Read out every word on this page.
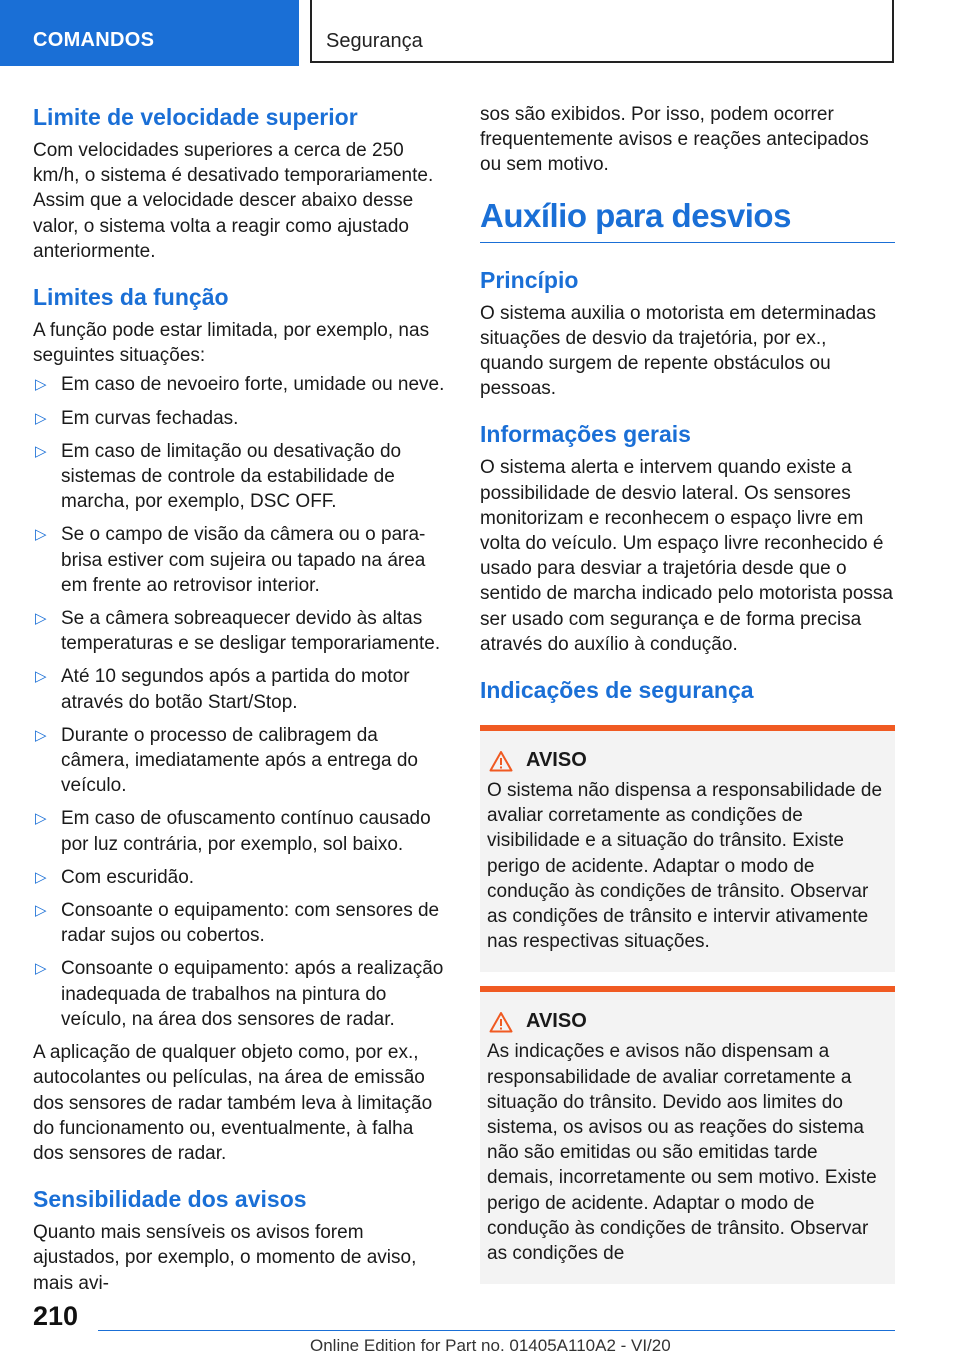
COMANDOS	Segurança
Limite de velocidade superior

Com velocidades superiores a cerca de 250 km/h, o sistema é desativado temporariamente. Assim que a velocidade descer abaixo desse valor, o sistema volta a reagir como ajustado anteriormente.

Limites da função

A função pode estar limitada, por exemplo, nas seguintes situações:

▷ Em caso de nevoeiro forte, umidade ou neve.
▷ Em curvas fechadas.
▷ Em caso de limitação ou desativação do sistemas de controle da estabilidade de marcha, por exemplo, DSC OFF.
▷ Se o campo de visão da câmera ou o para-brisa estiver com sujeira ou tapado na área em frente ao retrovisor interior.
▷ Se a câmera sobreaquecer devido às altas temperaturas e se desligar temporariamente.
▷ Até 10 segundos após a partida do motor através do botão Start/Stop.
▷ Durante o processo de calibragem da câmera, imediatamente após a entrega do veículo.
▷ Em caso de ofuscamento contínuo causado por luz contrária, por exemplo, sol baixo.
▷ Com escuridão.
▷ Consoante o equipamento: com sensores de radar sujos ou cobertos.
▷ Consoante o equipamento: após a realização inadequada de trabalhos na pintura do veículo, na área dos sensores de radar.

A aplicação de qualquer objeto como, por ex., autocolantes ou películas, na área de emissão dos sensores de radar também leva à limitação do funcionamento ou, eventualmente, à falha dos sensores de radar.

Sensibilidade dos avisos

Quanto mais sensíveis os avisos forem ajustados, por exemplo, o momento de aviso, mais avi-

sos são exibidos. Por isso, podem ocorrer frequentemente avisos e reações antecipados ou sem motivo.

Auxílio para desvios
Princípio

O sistema auxilia o motorista em determinadas situações de desvio da trajetória, por ex., quando surgem de repente obstáculos ou pessoas.

Informações gerais

O sistema alerta e intervem quando existe a possibilidade de desvio lateral. Os sensores monitorizam e reconhecem o espaço livre em volta do veículo. Um espaço livre reconhecido é usado para desviar a trajetória desde que o sentido de marcha indicado pelo motorista possa ser usado com segurança e de forma precisa através do auxílio à condução.

Indicações de segurança
AVISO

O sistema não dispensa a responsabilidade de avaliar corretamente as condições de visibilidade e a situação do trânsito. Existe perigo de acidente. Adaptar o modo de condução às condições de trânsito. Observar as condições de trânsito e intervir ativamente nas respectivas situações.

AVISO

As indicações e avisos não dispensam a responsabilidade de avaliar corretamente a situação do trânsito. Devido aos limites do sistema, os avisos ou as reações do sistema não são emitidas ou são emitidas tarde demais, incorretamente ou sem motivo. Existe perigo de acidente. Adaptar o modo de condução às condições de trânsito. Observar as condições de

210
Online Edition for Part no. 01405A110A2 - VI/20
